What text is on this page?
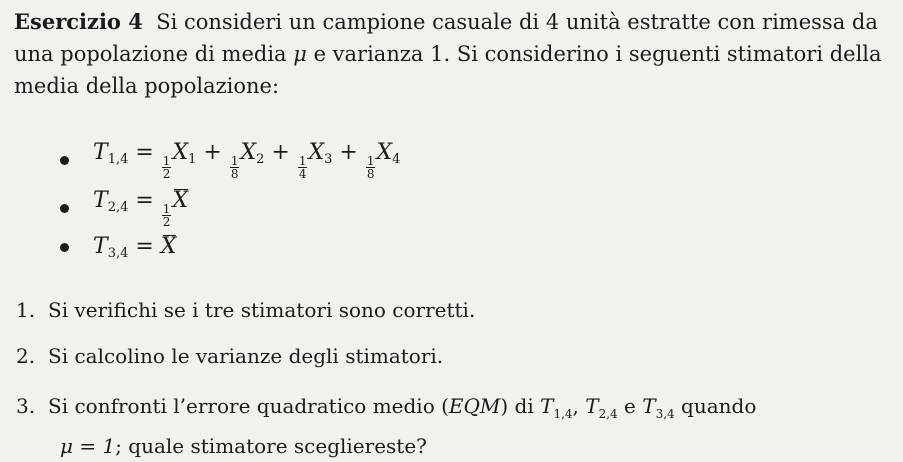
Esercizio 4 Si consideri un campione casuale di 4 unità estratte con rimessa da
una popolazione di media μ e varianza 1. Si considerino i seguenti stimatori della
media della popolazione:
$T_{1,4}$ =
$\frac{1}{2}$
$X_1$ +
$\frac{1}{8}$
$X_2$ +
$\frac{1}{4}$
$X_3$ +
$\frac{1}{8}$
$X_4$
$T_{2,4}$ =
$\frac{1}{2}$
X
$T_{3,4} = X$
1. Si verifichi se i tre stimatori sono corretti.
2. Si calcolino le varianze degli stimatori.
3. Si confronti l’errore quadratico medio (EQM) di $T_{1,4}$, $T_{2,4}$ e $T_{3,4}$ quando
μ = 1; quale stimatore scegliereste?
